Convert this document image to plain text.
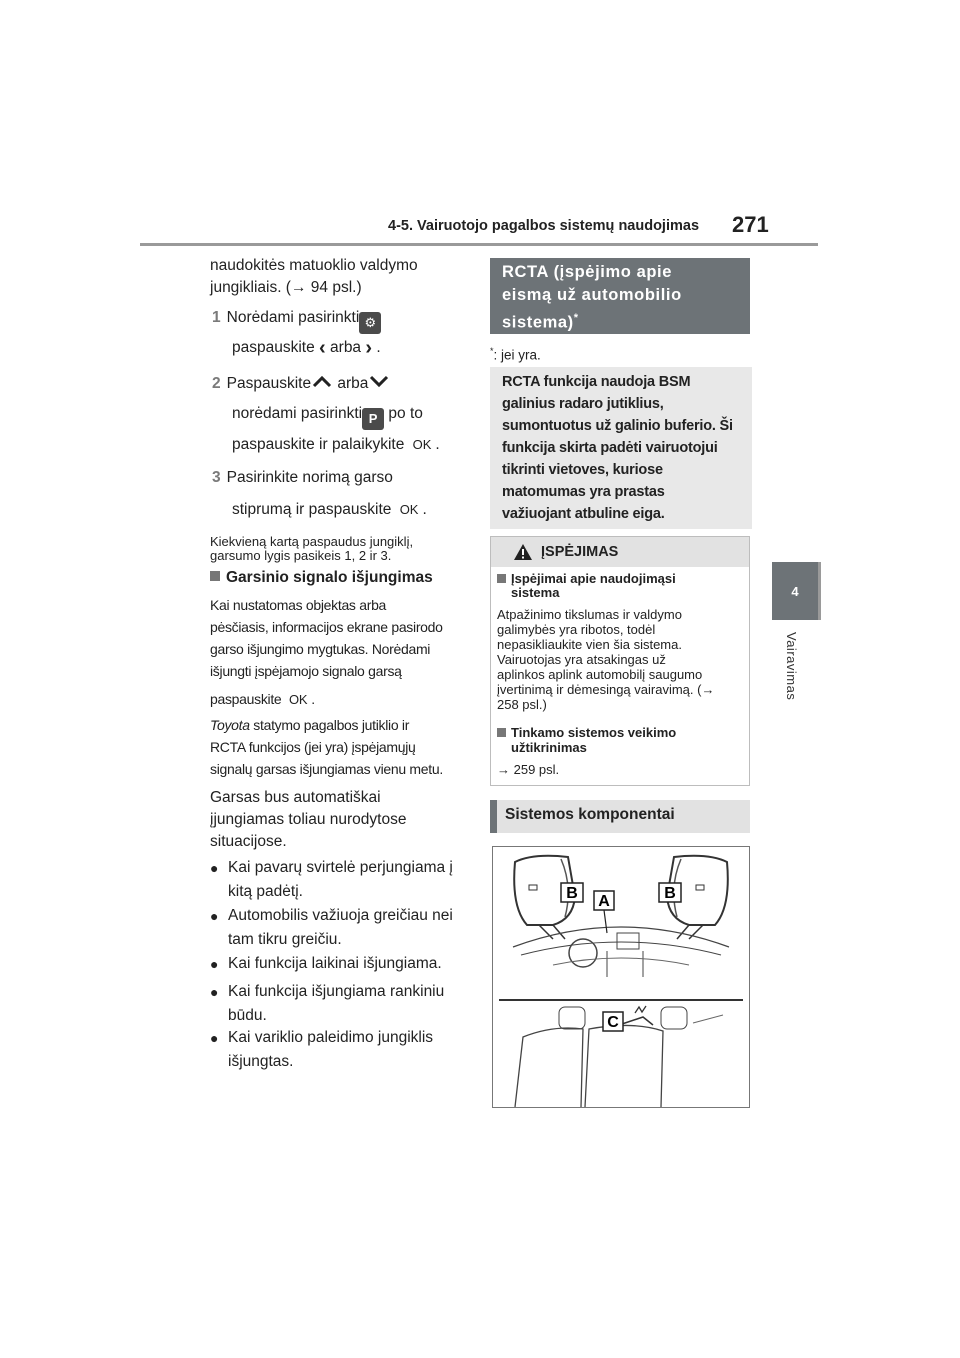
4-5. Vairuotojo pagalbos sistemų naudojimas 271
4
Vairavimas
naudokitės matuoklio valdymo
jungikliais. (→ 94 psl.)
1 Norėdami pasirinkti ⚙
paspauskite ‹ arba › .
2 Paspauskite arba
norėdami pasirinkti P po to
paspauskite ir palaikykite OK .
3 Pasirinkite norimą garso
stiprumą ir paspauskite OK .
Kiekvieną kartą paspaudus jungiklį,
garsumo lygis pasikeis 1, 2 ir 3.
Garsinio signalo išjungimas
Kai nustatomas objektas arba
pėsčiasis, informacijos ekrane pasirodo
garso išjungimo mygtukas. Norėdami
išjungti įspėjamojo signalo garsą
paspauskite OK .
Toyota statymo pagalbos jutiklio ir
RCTA funkcijos (jei yra) įspėjamųjų
signalų garsas išjungiamas vienu metu.
Garsas bus automatiškai
įjungiamas toliau nurodytose
situacijose.
● Kai pavarų svirtelė perjungiama į
kitą padėtį.
● Automobilis važiuoja greičiau nei
tam tikru greičiu.
● Kai funkcija laikinai išjungiama.
● Kai funkcija išjungiama rankiniu
būdu.
● Kai variklio paleidimo jungiklis
išjungtas.
RCTA (įspėjimo apie
eismą už automobilio
sistema)*
*: jei yra.
RCTA funkcija naudoja BSM
galinius radaro jutiklius,
sumontuotus už galinio buferio. Ši
funkcija skirta padėti vairuotojui
tikrinti vietoves, kuriose
matomumas yra prastas
važiuojant atbuline eiga.
ĮSPĖJIMAS
Įspėjimai apie naudojimąsi
sistema
Atpažinimo tikslumas ir valdymo
galimybės yra ribotos, todėl
nepasikliaukite vien šia sistema.
Vairuotojas yra atsakingas už
aplinkos aplink automobilį saugumo
įvertinimą ir dėmesingą vairavimą. (→
258 psl.)
Tinkamo sistemos veikimo
užtikrinimas
→ 259 psl.
Sistemos komponentai
B A	B
C
